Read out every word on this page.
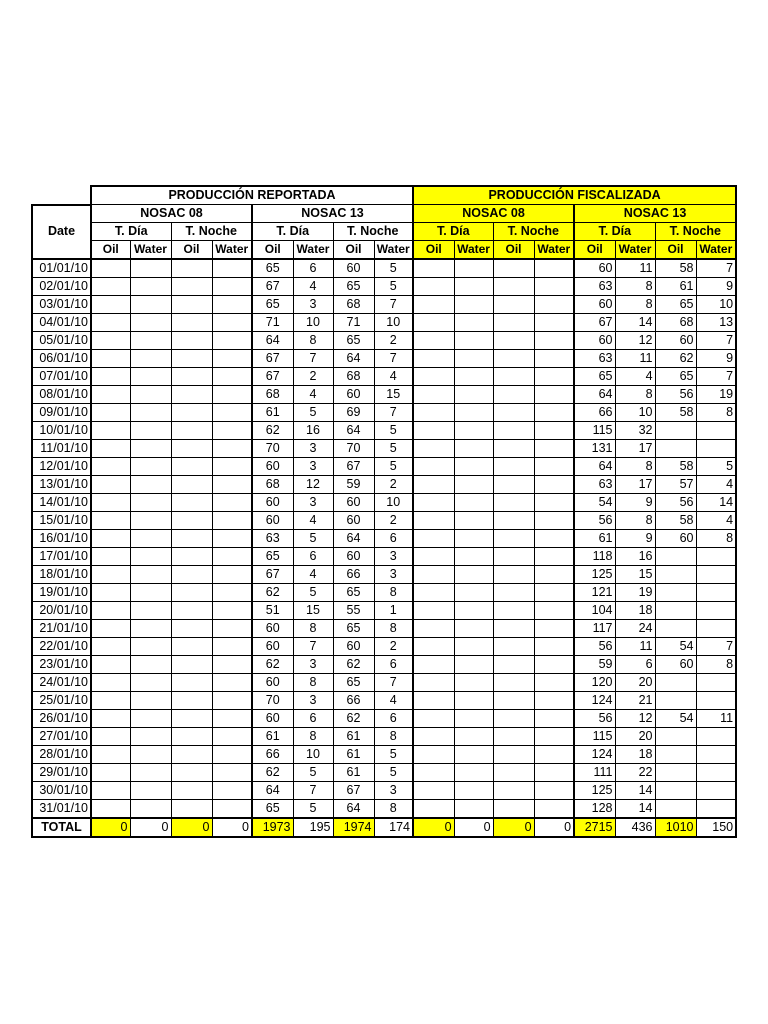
	PRODUCCIÓN REPORTADA								PRODUCCIÓN FISCALIZADA							
Date	NOSAC 08				NOSAC 13				NOSAC 08				NOSAC 13			
	T. Día		T. Noche		T. Día		T. Noche		T. Día		T. Noche		T. Día		T. Noche	
	Oil	Water	Oil	Water	Oil	Water	Oil	Water	Oil	Water	Oil	Water	Oil	Water	Oil	Water
01/01/10					65	6	60	5					60	11	58	7
02/01/10					67	4	65	5					63	8	61	9
03/01/10					65	3	68	7					60	8	65	10
04/01/10					71	10	71	10					67	14	68	13
05/01/10					64	8	65	2					60	12	60	7
06/01/10					67	7	64	7					63	11	62	9
07/01/10					67	2	68	4					65	4	65	7
08/01/10					68	4	60	15					64	8	56	19
09/01/10					61	5	69	7					66	10	58	8
10/01/10					62	16	64	5					115	32		
11/01/10					70	3	70	5					131	17		
12/01/10					60	3	67	5					64	8	58	5
13/01/10					68	12	59	2					63	17	57	4
14/01/10					60	3	60	10					54	9	56	14
15/01/10					60	4	60	2					56	8	58	4
16/01/10					63	5	64	6					61	9	60	8
17/01/10					65	6	60	3					118	16		
18/01/10					67	4	66	3					125	15		
19/01/10					62	5	65	8					121	19		
20/01/10					51	15	55	1					104	18		
21/01/10					60	8	65	8					117	24		
22/01/10					60	7	60	2					56	11	54	7
23/01/10					62	3	62	6					59	6	60	8
24/01/10					60	8	65	7					120	20		
25/01/10					70	3	66	4					124	21		
26/01/10					60	6	62	6					56	12	54	11
27/01/10					61	8	61	8					115	20		
28/01/10					66	10	61	5					124	18		
29/01/10					62	5	61	5					111	22		
30/01/10					64	7	67	3					125	14		
31/01/10					65	5	64	8					128	14		
TOTAL	0	0	0	0	1973	195	1974	174	0	0	0	0	2715	436	1010	150
